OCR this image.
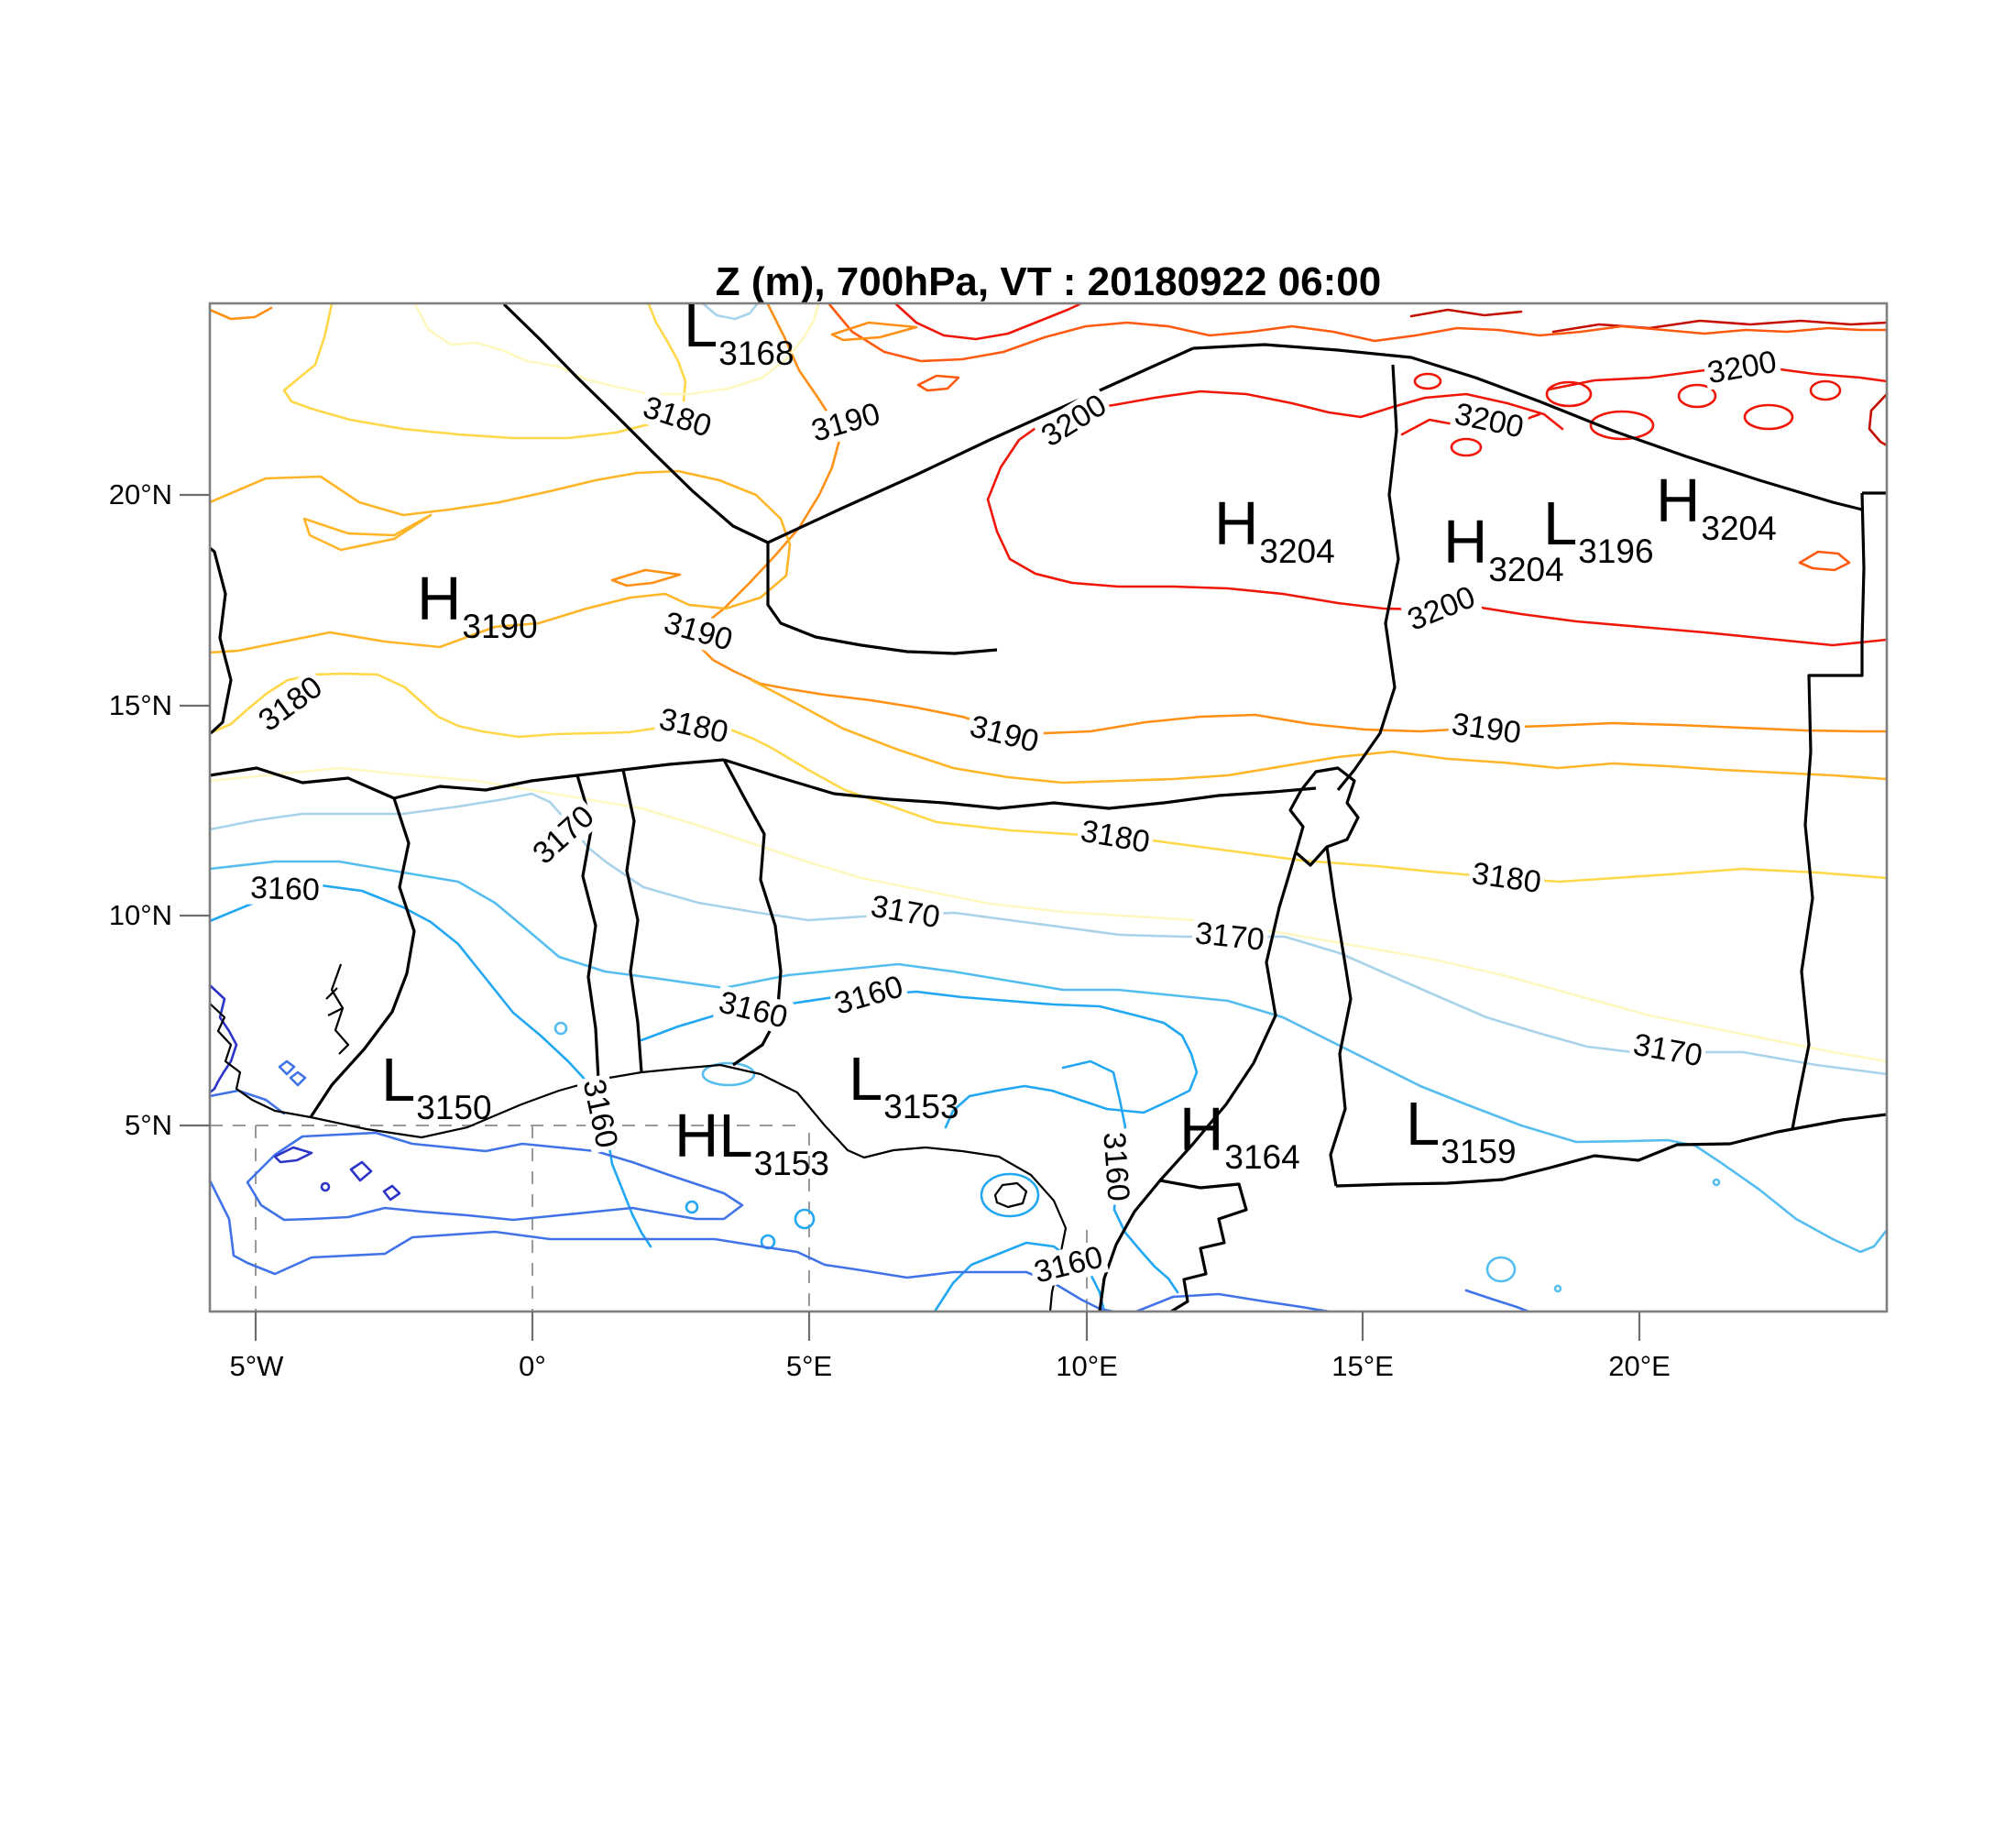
Z (m), 700hPa, VT : 20180922 06:00
5°W	0°	5°E	10°E	15°E	20°E
20°N
15°N
10°N
5°N
3180	3190	3200	3200
3200
3190	3200
3180	3190	3190
3180
3180
3180
3170
3170
3170
3170
3160
3160 3160
3160
3160
3160
L3168
H3190
H3204 H3204
L3196
H3204
L3150	L3153
HL3153	H3164 L3159
